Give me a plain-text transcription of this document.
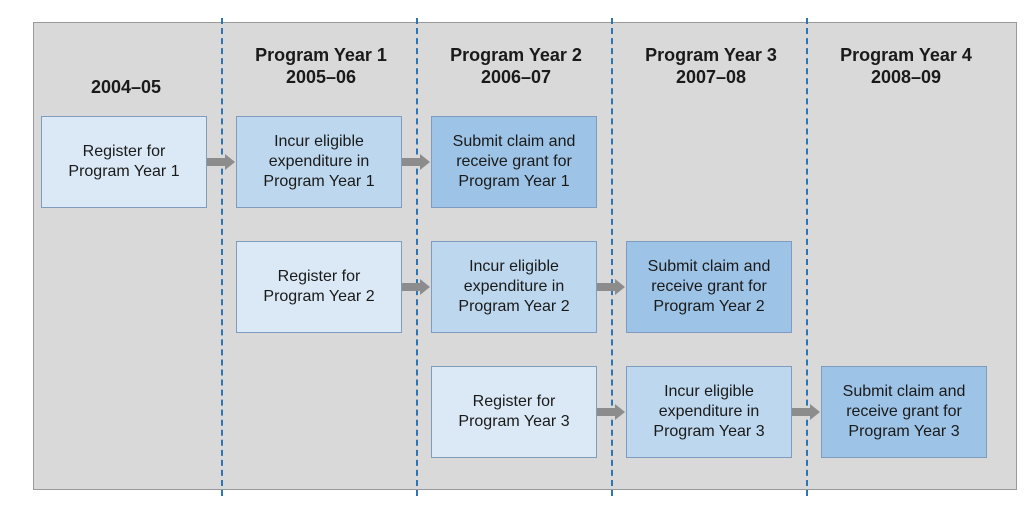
2004–05
Program Year 1
2005–06
Program Year 2
2006–07
Program Year 3
2007–08
Program Year 4
2008–09
Register for
Program Year 1
Incur eligible
expenditure in
Program Year 1
Submit claim and
receive grant for
Program Year 1
Register for
Program Year 2
Incur eligible
expenditure in
Program Year 2
Submit claim and
receive grant for
Program Year 2
Register for
Program Year 3
Incur eligible
expenditure in
Program Year 3
Submit claim and
receive grant for
Program Year 3
